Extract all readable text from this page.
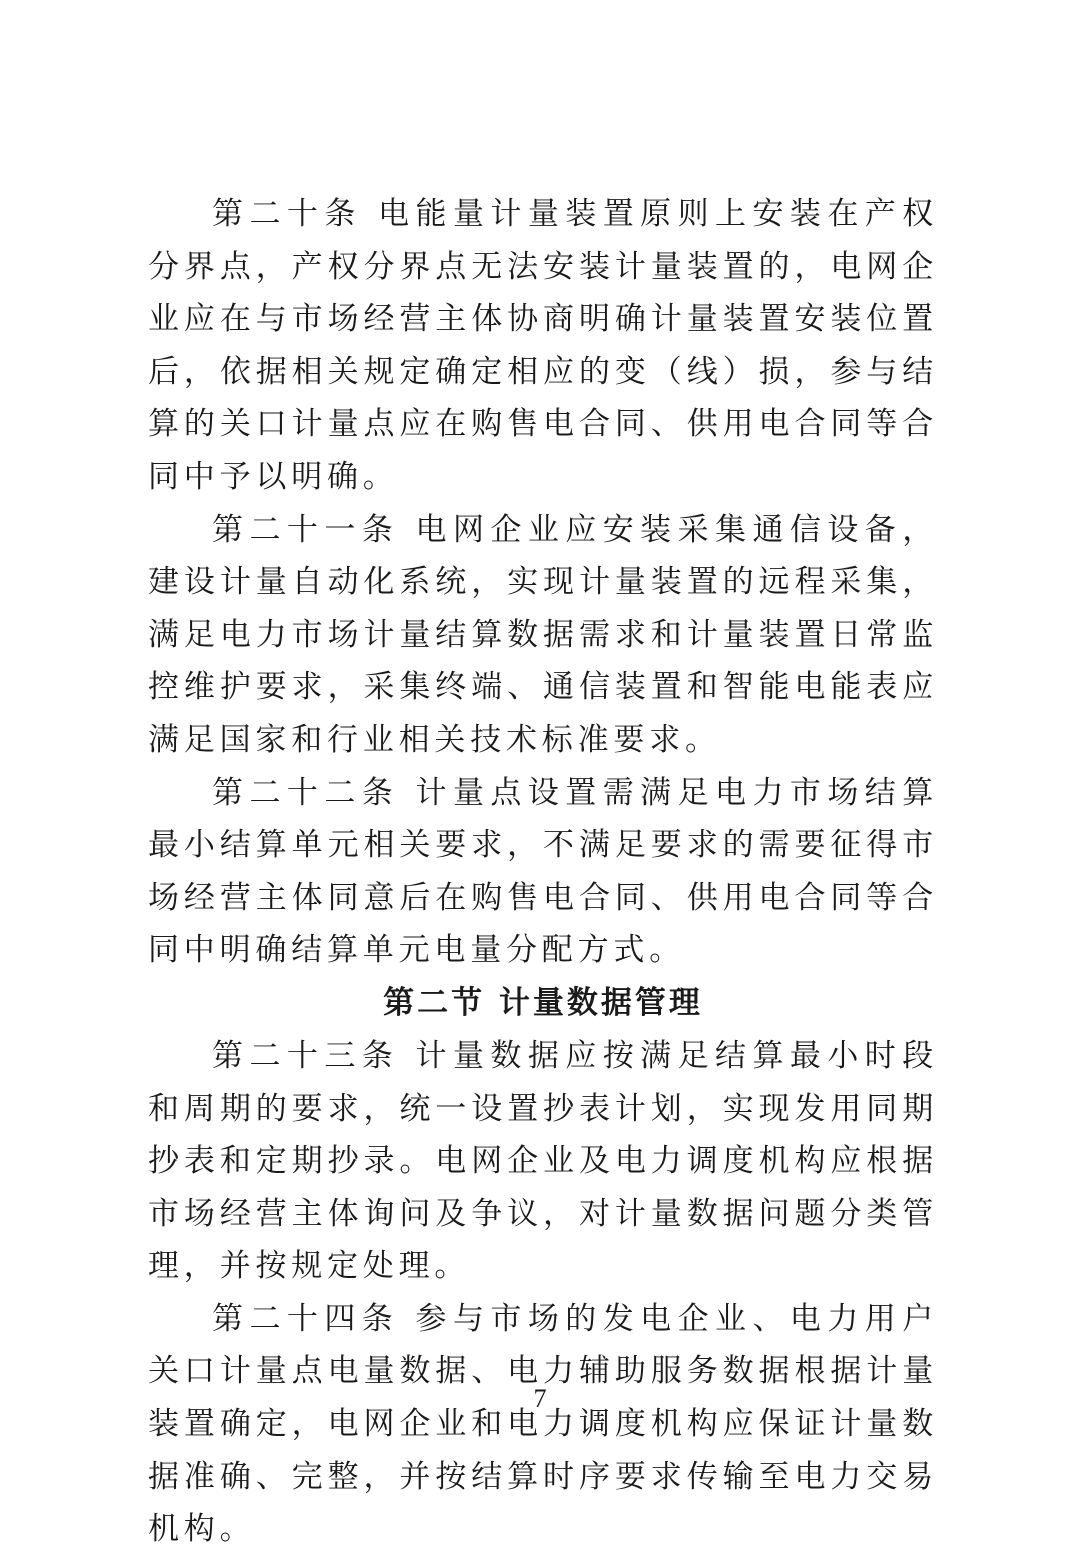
第二十条 电能量计量装置原则上安装在产权分界点，产权分界点无法安装计量装置的，电网企业应在与市场经营主体协商明确计量装置安装位置后，依据相关规定确定相应的变（线）损，参与结算的关口计量点应在购售电合同、供用电合同等合同中予以明确。

第二十一条 电网企业应安装采集通信设备，建设计量自动化系统，实现计量装置的远程采集，满足电力市场计量结算数据需求和计量装置日常监控维护要求，采集终端、通信装置和智能电能表应满足国家和行业相关技术标准要求。

第二十二条 计量点设置需满足电力市场结算最小结算单元相关要求，不满足要求的需要征得市场经营主体同意后在购售电合同、供用电合同等合同中明确结算单元电量分配方式。

第二节 计量数据管理

第二十三条 计量数据应按满足结算最小时段和周期的要求，统一设置抄表计划，实现发用同期抄表和定期抄录。电网企业及电力调度机构应根据市场经营主体询问及争议，对计量数据问题分类管理，并按规定处理。

第二十四条 参与市场的发电企业、电力用户关口计量点电量数据、电力辅助服务数据根据计量装置确定，电网企业和电力调度机构应保证计量数据准确、完整，并按结算时序要求传输至电力交易机构。

7
